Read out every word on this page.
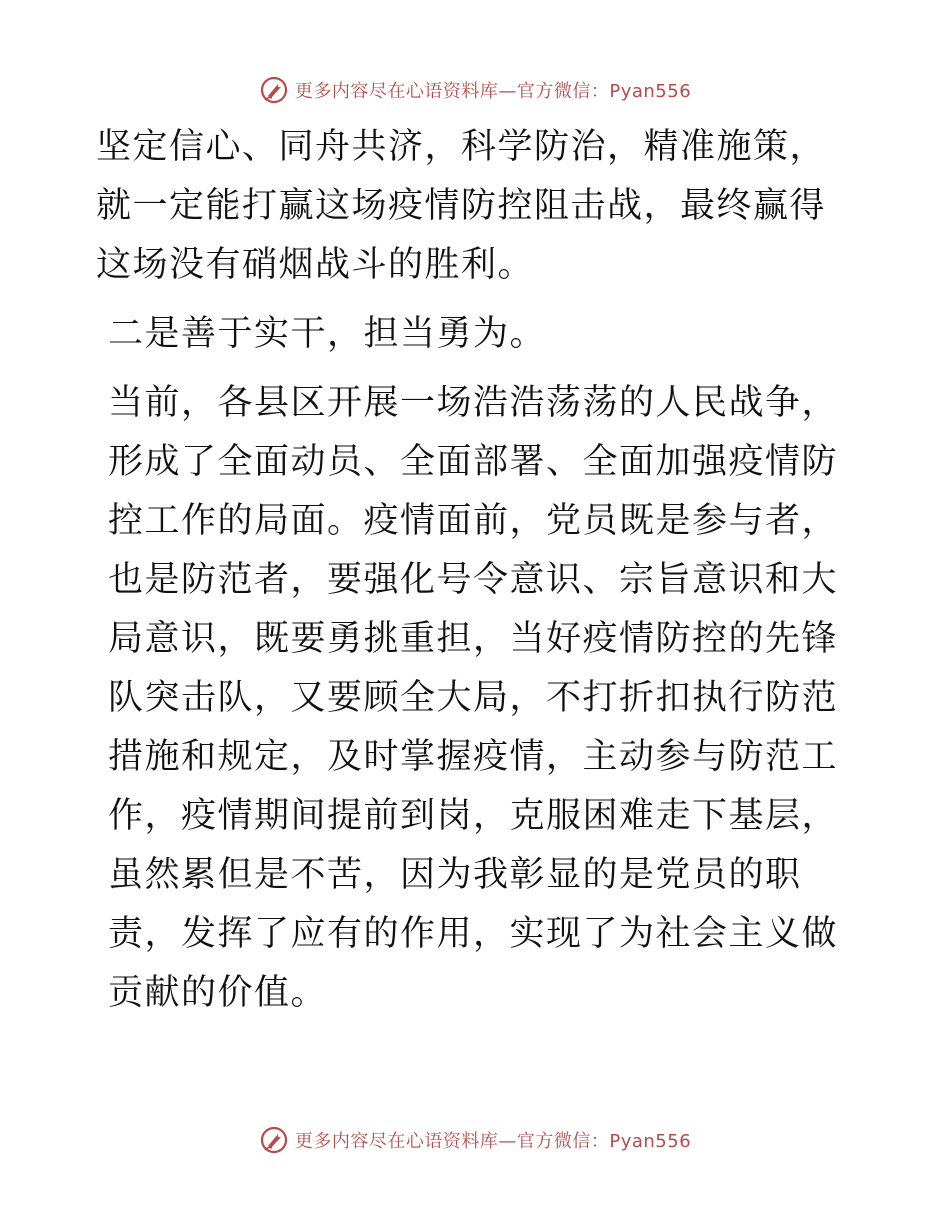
更多内容尽在心语资料库—官方微信：Pyan556

坚定信心、同舟共济，科学防治，精准施策，就一定能打赢这场疫情防控阻击战，最终赢得这场没有硝烟战斗的胜利。

二是善于实干，担当勇为。

当前，各县区开展一场浩浩荡荡的人民战争，形成了全面动员、全面部署、全面加强疫情防控工作的局面。疫情面前，党员既是参与者，也是防范者，要强化号令意识、宗旨意识和大局意识，既要勇挑重担，当好疫情防控的先锋队突击队，又要顾全大局，不打折扣执行防范措施和规定，及时掌握疫情，主动参与防范工作，疫情期间提前到岗，克服困难走下基层，虽然累但是不苦，因为我彰显的是党员的职责，发挥了应有的作用，实现了为社会主义做贡献的价值。

更多内容尽在心语资料库—官方微信：Pyan556
